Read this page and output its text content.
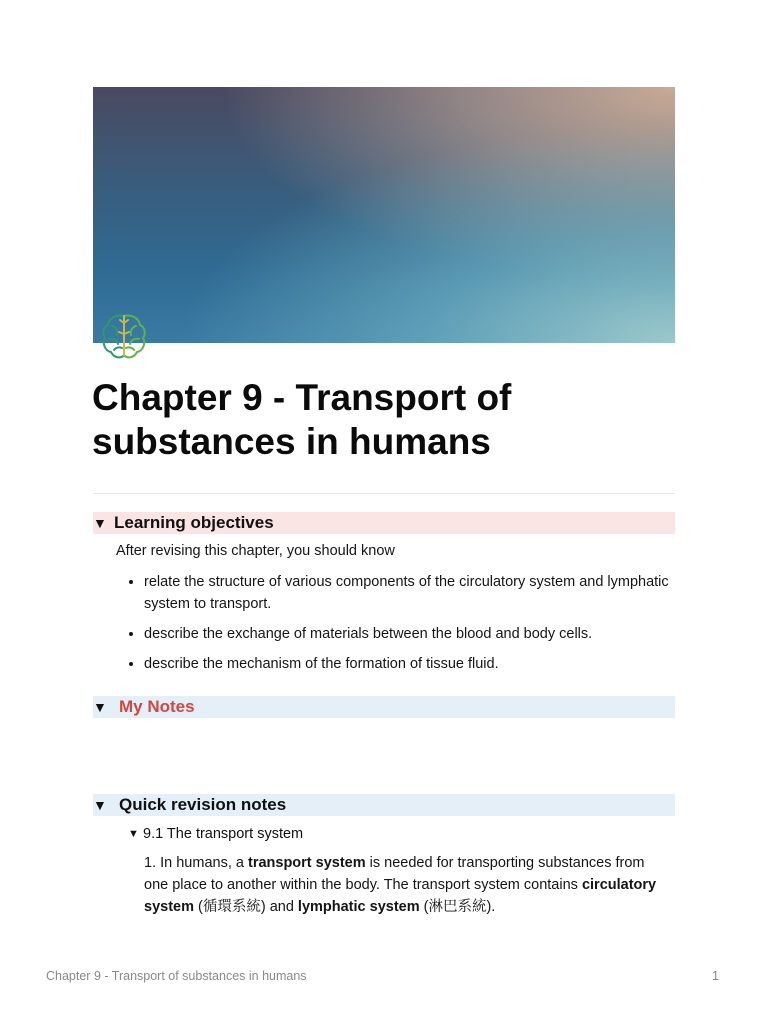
Chapter 9 - Transport of substances in humans
▼ Learning objectives
After revising this chapter, you should know
• relate the structure of various components of the circulatory system and lymphatic system to transport.
• describe the exchange of materials between the blood and body cells.
• describe the mechanism of the formation of tissue fluid.
▼ My Notes
▼ Quick revision notes
▼ 9.1 The transport system

1. In humans, a transport system is needed for transporting substances from one place to another within the body. The transport system contains circulatory system (循環系統) and lymphatic system (淋巴系統).

Chapter 9 - Transport of substances in humans	1
